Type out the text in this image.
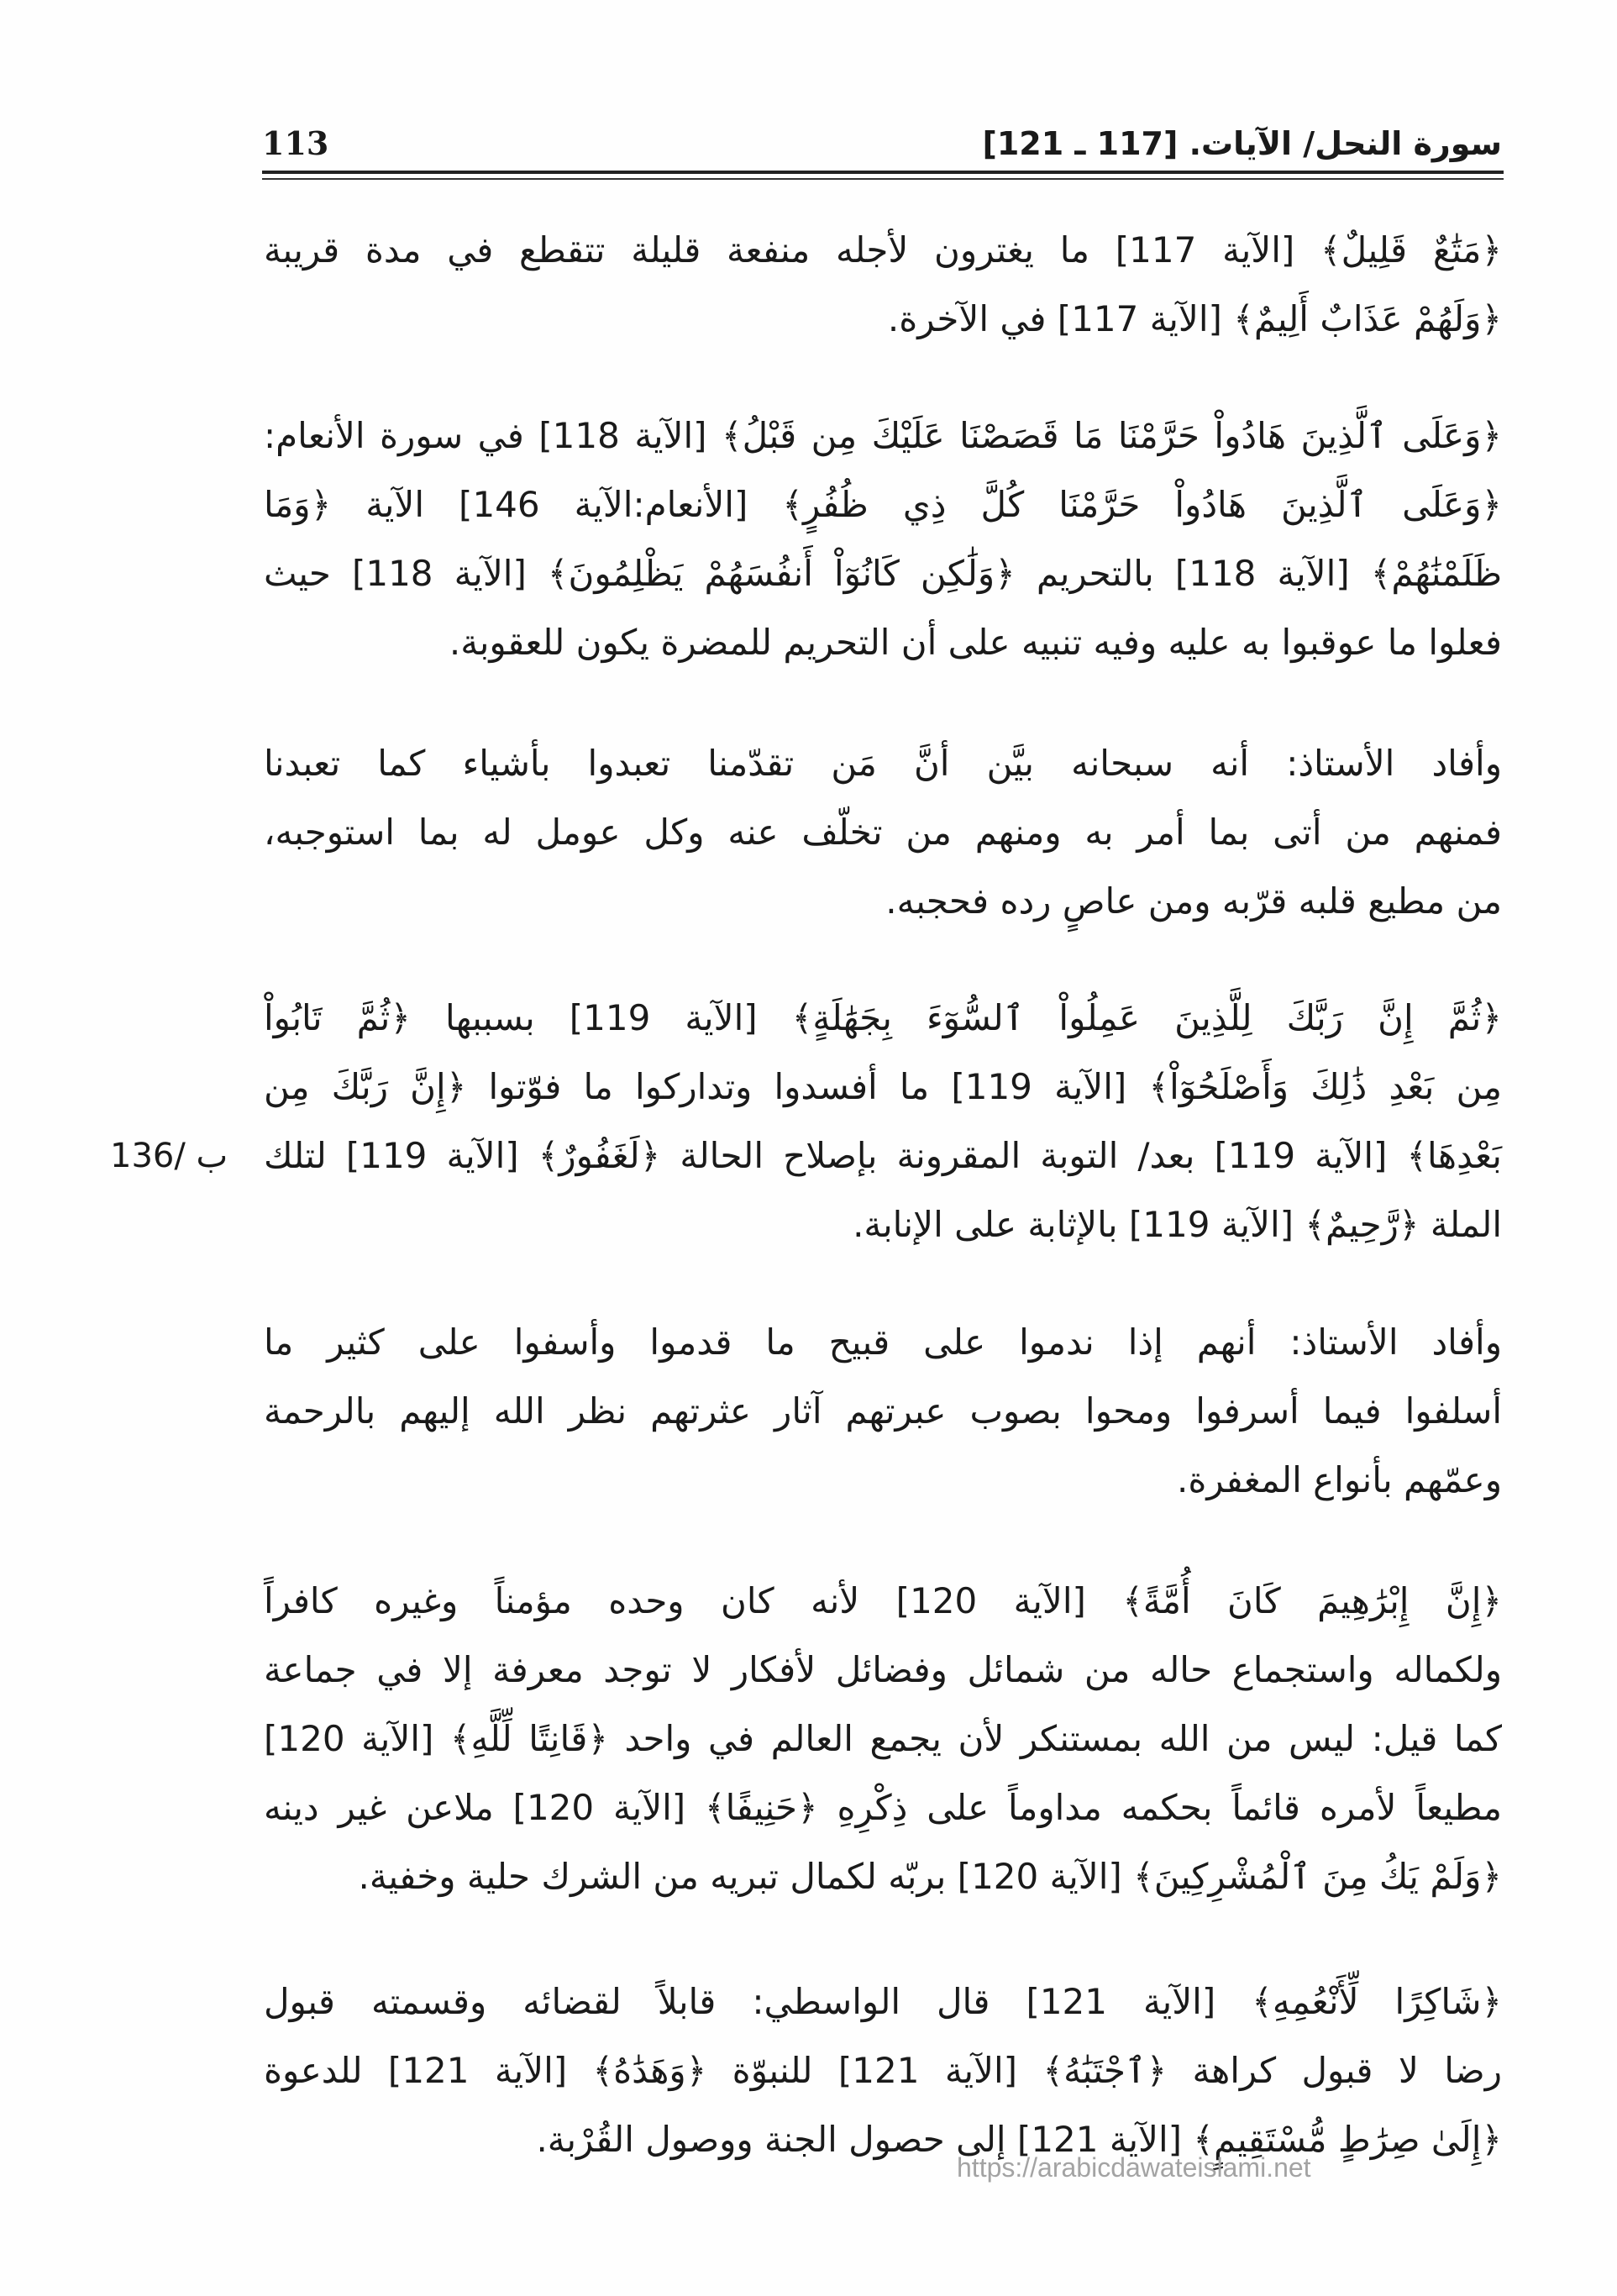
سورة النحل/ الآيات. [117 ـ 121]
113
﴿مَتَٰعٌ قَلِيلٌ﴾ [الآية 117] ما يغترون لأجله منفعة قليلة تتقطع في مدة قريبة
﴿وَلَهُمْ عَذَابٌ أَلِيمٌ﴾ [الآية 117] في الآخرة.
﴿وَعَلَى ٱلَّذِينَ هَادُواْ حَرَّمْنَا مَا قَصَصْنَا عَلَيْكَ مِن قَبْلُ﴾ [الآية 118] في سورة الأنعام:
﴿وَعَلَى ٱلَّذِينَ هَادُواْ حَرَّمْنَا كُلَّ ذِي ظُفُرٍ﴾ [الأنعام:الآية 146] الآية ﴿وَمَا
ظَلَمْنَٰهُمْ﴾ [الآية 118] بالتحريم ﴿وَلَٰكِن كَانُوٓاْ أَنفُسَهُمْ يَظْلِمُونَ﴾ [الآية 118] حيث
فعلوا ما عوقبوا به عليه وفيه تنبيه على أن التحريم للمضرة يكون للعقوبة.
وأفاد الأستاذ: أنه سبحانه بيَّن أنَّ مَن تقدّمنا تعبدوا بأشياء كما تعبدنا
فمنهم من أتى بما أمر به ومنهم من تخلّف عنه وكل عومل له بما استوجبه،
من مطيع قلبه قرّبه ومن عاصٍ رده فحجبه.
﴿ثُمَّ إِنَّ رَبَّكَ لِلَّذِينَ عَمِلُواْ ٱلسُّوٓءَ بِجَهَٰلَةٍ﴾ [الآية 119] بسببها ﴿ثُمَّ تَابُواْ
مِن بَعْدِ ذَٰلِكَ وَأَصْلَحُوٓاْ﴾ [الآية 119] ما أفسدوا وتداركوا ما فوّتوا ﴿إِنَّ رَبَّكَ مِن
بَعْدِهَا﴾ [الآية 119] بعد/ التوبة المقرونة بإصلاح الحالة ﴿لَغَفُورٌ﴾ [الآية 119] لتلك
الملة ﴿رَّحِيمٌ﴾ [الآية 119] بالإثابة على الإنابة.
136/ ب
وأفاد الأستاذ: أنهم إذا ندموا على قبيح ما قدموا وأسفوا على كثير ما
أسلفوا فيما أسرفوا ومحوا بصوب عبرتهم آثار عثرتهم نظر الله إليهم بالرحمة
وعمّهم بأنواع المغفرة.
﴿إِنَّ إِبْرَٰهِيمَ كَانَ أُمَّةً﴾ [الآية 120] لأنه كان وحده مؤمناً وغيره كافراً
ولكماله واستجماع حاله من شمائل وفضائل لأفكار لا توجد معرفة إلا في جماعة
كما قيل: ليس من الله بمستنكر لأن يجمع العالم في واحد ﴿قَانِتًا لِّلَّهِ﴾ [الآية 120]
مطيعاً لأمره قائماً بحكمه مداوماً على ذِكْرِهِ ﴿حَنِيفًا﴾ [الآية 120] ملاعن غير دينه
﴿وَلَمْ يَكُ مِنَ ٱلْمُشْرِكِينَ﴾ [الآية 120] بربّه لكمال تبريه من الشرك حلية وخفية.
﴿شَاكِرًا لِّأَنْعُمِهِ﴾ [الآية 121] قال الواسطي: قابلاً لقضائه وقسمته قبول
رضا لا قبول كراهة ﴿ٱجْتَبَٰهُ﴾ [الآية 121] للنبوّة ﴿وَهَدَٰهُ﴾ [الآية 121] للدعوة
﴿إِلَىٰ صِرَٰطٍ مُّسْتَقِيمٍ﴾ [الآية 121] إلى حصول الجنة ووصول القُرْبة.
https://arabicdawateislami.net
